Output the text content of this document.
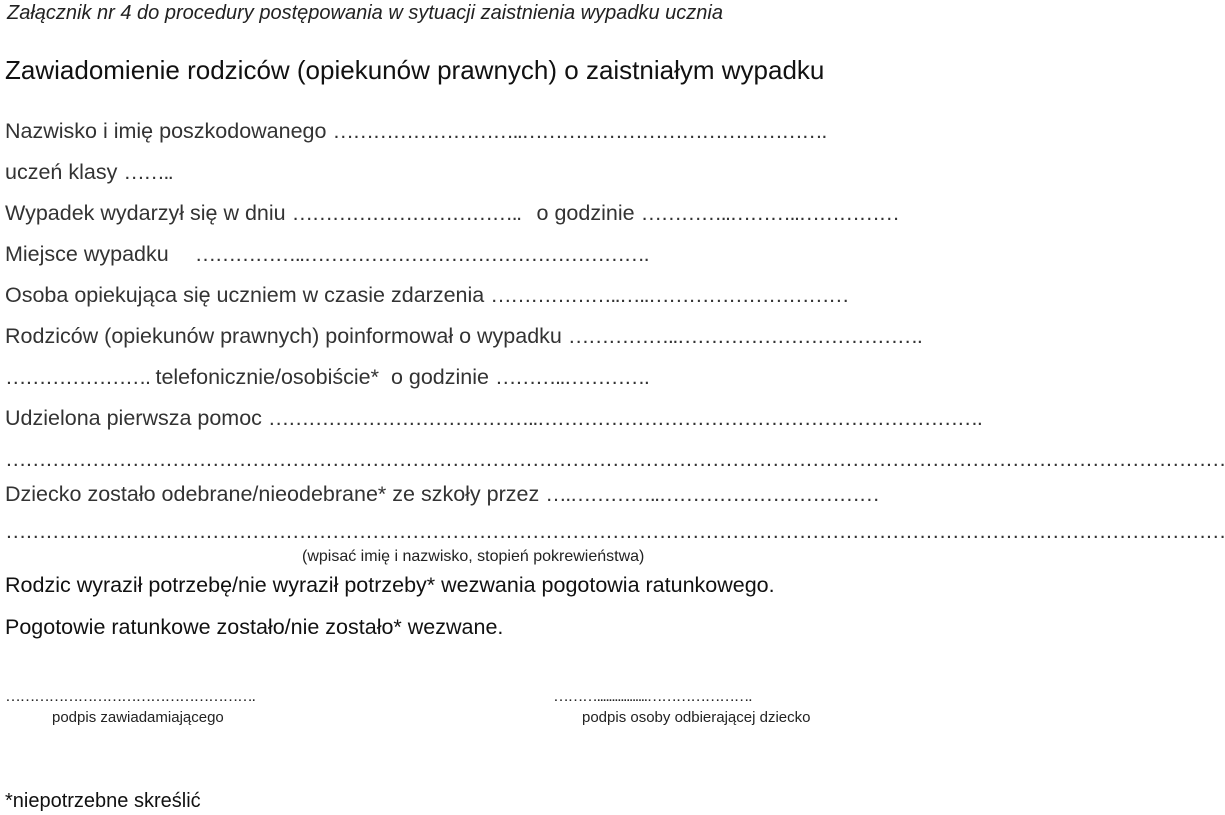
Załącznik nr 4 do procedury postępowania w sytuacji zaistnienia wypadku ucznia
Zawiadomienie rodziców (opiekunów prawnych) o zaistniałym wypadku
Nazwisko i imię poszkodowanego ………………………..……………………………………….
uczeń klasy ……..
Wypadek wydarzył się w dniu …………………………….. o godzinie …………..………..……………
Miejsce wypadku ……………..…………………………………………….
Osoba opiekująca się uczniem w czasie zdarzenia ………………..…..…………………………
Rodziców (opiekunów prawnych) poinformował o wypadku ……………..……………………………….
…………………. telefonicznie/osobiście* o godzinie ………..………….
Udzielona pierwsza pomoc …………………………………..………………………………………………………….
…………………………………………………………………………………………………………………………………………………………………
Dziecko zostało odebrane/nieodebrane* ze szkoły przez ….…………..……………………………
…………………………………………………………………………………………………………………………………………………………………
(wpisać imię i nazwisko, stopień pokrewieństwa)
Rodzic wyraził potrzebę/nie wyraził potrzeby* wezwania pogotowia ratunkowego.
Pogotowie ratunkowe zostało/nie zostało* wezwane.
…………………………………………….
podpis zawiadamiającego
……….................………………….
podpis osoby odbierającej dziecko
*niepotrzebne skreślić
